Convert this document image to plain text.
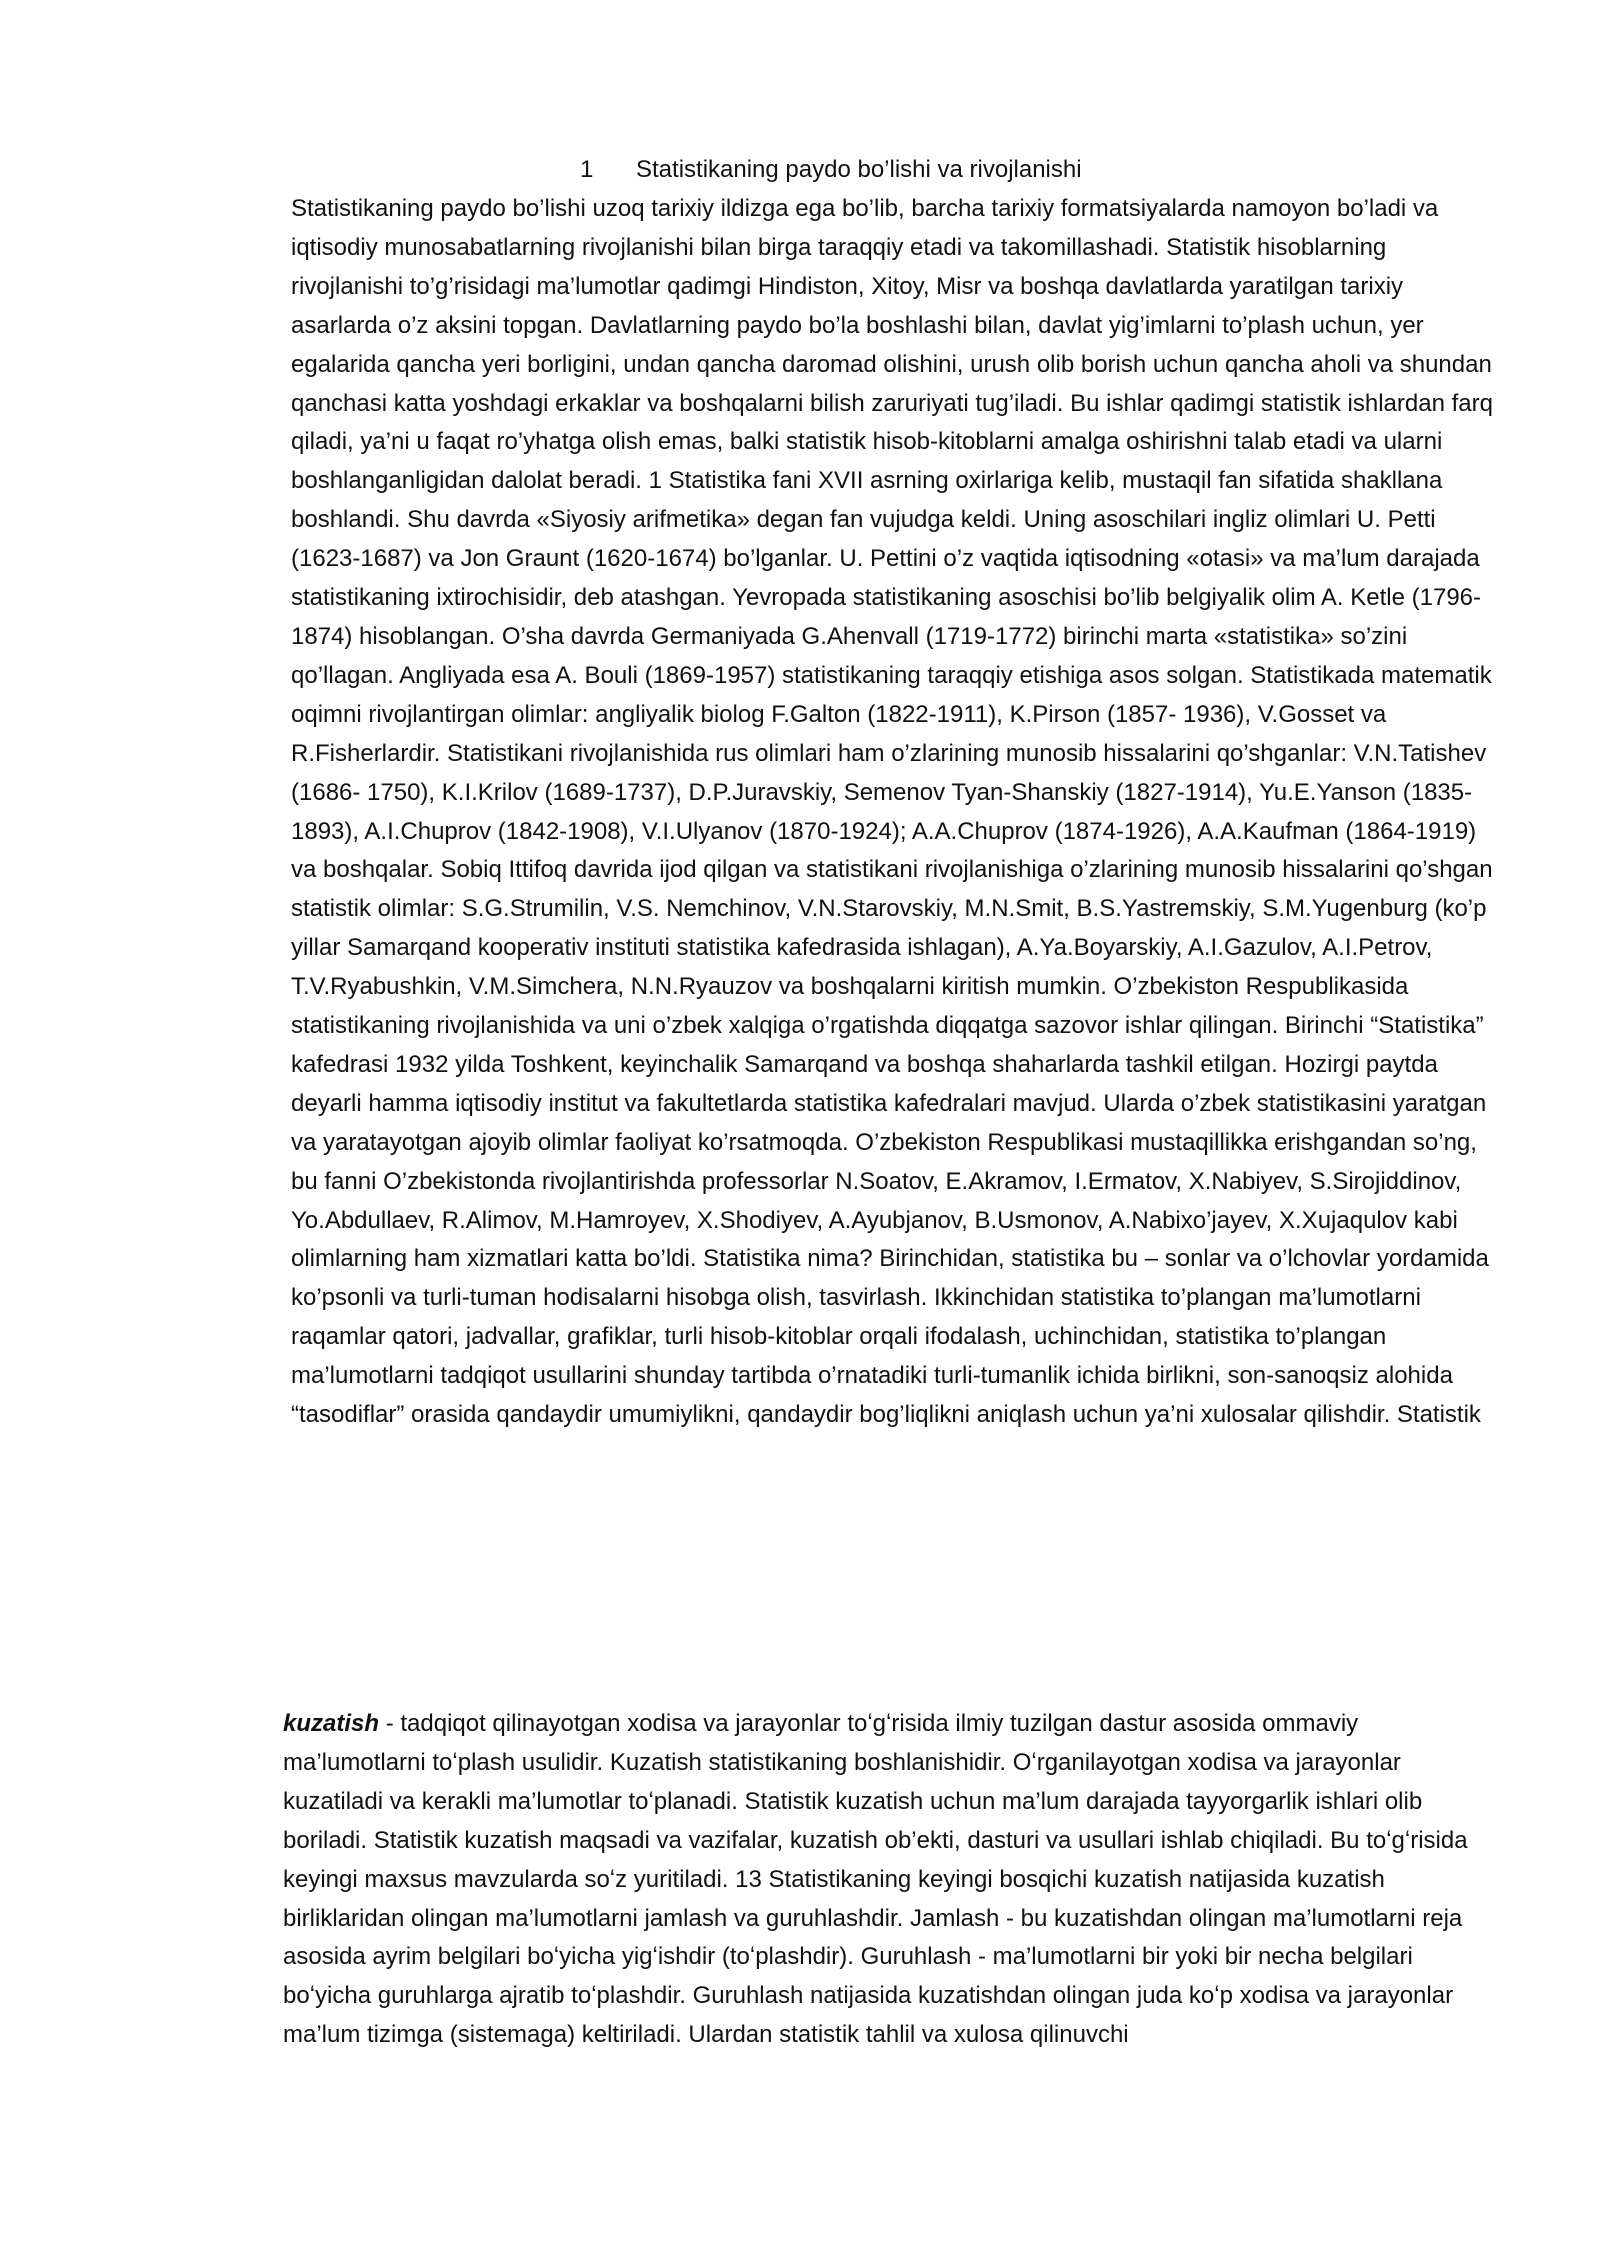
1 Statistikaning paydo bo’lishi va rivojlanishi

Statistikaning paydo bo’lishi uzoq tarixiy ildizga ega bo’lib, barcha tarixiy formatsiyalarda namoyon bo’ladi va iqtisodiy munosabatlarning rivojlanishi bilan birga taraqqiy etadi va takomillashadi. Statistik hisoblarning rivojlanishi to’g’risidagi ma’lumotlar qadimgi Hindiston, Xitoy, Misr va boshqa davlatlarda yaratilgan tarixiy asarlarda o’z aksini topgan. Davlatlarning paydo bo’la boshlashi bilan, davlat yig’imlarni to’plash uchun, yer egalarida qancha yeri borligini, undan qancha daromad olishini, urush olib borish uchun qancha aholi va shundan qanchasi katta yoshdagi erkaklar va boshqalarni bilish zaruriyati tug’iladi. Bu ishlar qadimgi statistik ishlardan farq qiladi, ya’ni u faqat ro’yhatga olish emas, balki statistik hisob-kitoblarni amalga oshirishni talab etadi va ularni boshlanganligidan dalolat beradi. 1 Statistika fani XVII asrning oxirlariga kelib, mustaqil fan sifatida shakllana boshlandi. Shu davrda «Siyosiy arifmetika» degan fan vujudga keldi. Uning asoschilari ingliz olimlari U. Petti (1623-1687) va Jon Graunt (1620-1674) bo’lganlar. U. Pettini o’z vaqtida iqtisodning «otasi» va ma’lum darajada statistikaning ixtirochisidir, deb atashgan. Yevropada statistikaning asoschisi bo’lib belgiyalik olim A. Ketle (1796-1874) hisoblangan. O’sha davrda Germaniyada G.Ahenvall (1719-1772) birinchi marta «statistika» so’zini qo’llagan. Angliyada esa A. Bouli (1869-1957) statistikaning taraqqiy etishiga asos solgan. Statistikada matematik oqimni rivojlantirgan olimlar: angliyalik biolog F.Galton (1822-1911), K.Pirson (1857- 1936), V.Gosset va R.Fisherlardir. Statistikani rivojlanishida rus olimlari ham o’zlarining munosib hissalarini qo’shganlar: V.N.Tatishev (1686- 1750), K.I.Krilov (1689-1737), D.P.Juravskiy, Semenov Tyan-Shanskiy (1827-1914), Yu.E.Yanson (1835-1893), A.I.Chuprov (1842-1908), V.I.Ulyanov (1870-1924); A.A.Chuprov (1874-1926), A.A.Kaufman (1864-1919) va boshqalar. Sobiq Ittifoq davrida ijod qilgan va statistikani rivojlanishiga o’zlarining munosib hissalarini qo’shgan statistik olimlar: S.G.Strumilin, V.S. Nemchinov, V.N.Starovskiy, M.N.Smit, B.S.Yastremskiy, S.M.Yugenburg (ko’p yillar Samarqand kooperativ instituti statistika kafedrasida ishlagan), A.Ya.Boyarskiy, A.I.Gazulov, A.I.Petrov, T.V.Ryabushkin, V.M.Simchera, N.N.Ryauzov va boshqalarni kiritish mumkin. O’zbekiston Respublikasida statistikaning rivojlanishida va uni o’zbek xalqiga o’rgatishda diqqatga sazovor ishlar qilingan. Birinchi “Statistika” kafedrasi 1932 yilda Toshkent, keyinchalik Samarqand va boshqa shaharlarda tashkil etilgan. Hozirgi paytda deyarli hamma iqtisodiy institut va fakultetlarda statistika kafedralari mavjud. Ularda o’zbek statistikasini yaratgan va yaratayotgan ajoyib olimlar faoliyat ko’rsatmoqda. O’zbekiston Respublikasi mustaqillikka erishgandan so’ng, bu fanni O’zbekistonda rivojlantirishda professorlar N.Soatov, E.Akramov, I.Ermatov, X.Nabiyev, S.Sirojiddinov, Yo.Abdullaev, R.Alimov, M.Hamroyev, X.Shodiyev, A.Ayubjanov, B.Usmonov, A.Nabixo’jayev, X.Xujaqulov kabi olimlarning ham xizmatlari katta bo’ldi. Statistika nima? Birinchidan, statistika bu – sonlar va o’lchovlar yordamida ko’psonli va turli-tuman hodisalarni hisobga olish, tasvirlash. Ikkinchidan statistika to’plangan ma’lumotlarni raqamlar qatori, jadvallar, grafiklar, turli hisob-kitoblar orqali ifodalash, uchinchidan, statistika to’plangan ma’lumotlarni tadqiqot usullarini shunday tartibda o’rnatadiki turli-tumanlik ichida birlikni, son-sanoqsiz alohida “tasodiflar” orasida qandaydir umumiylikni, qandaydir bog’liqlikni aniqlash uchun ya’ni xulosalar qilishdir. Statistik

kuzatish - tadqiqot qilinayotgan xodisa va jarayonlar toʻgʻrisida ilmiy tuzilgan dastur asosida ommaviy ma’lumotlarni toʻplash usulidir. Kuzatish statistikaning boshlanishidir. Oʻrganilayotgan xodisa va jarayonlar kuzatiladi va kerakli ma’lumotlar toʻplanadi. Statistik kuzatish uchun ma’lum darajada tayyorgarlik ishlari olib boriladi. Statistik kuzatish maqsadi va vazifalar, kuzatish ob’ekti, dasturi va usullari ishlab chiqiladi. Bu toʻgʻrisida keyingi maxsus mavzularda soʻz yuritiladi. 13 Statistikaning keyingi bosqichi kuzatish natijasida kuzatish birliklaridan olingan ma’lumotlarni jamlash va guruhlashdir. Jamlash - bu kuzatishdan olingan ma’lumotlarni reja asosida ayrim belgilari boʻyicha yigʻishdir (toʻplashdir). Guruhlash - ma’lumotlarni bir yoki bir necha belgilari boʻyicha guruhlarga ajratib toʻplashdir. Guruhlash natijasida kuzatishdan olingan juda koʻp xodisa va jarayonlar ma’lum tizimga (sistemaga) keltiriladi. Ulardan statistik tahlil va xulosa qilinuvchi
